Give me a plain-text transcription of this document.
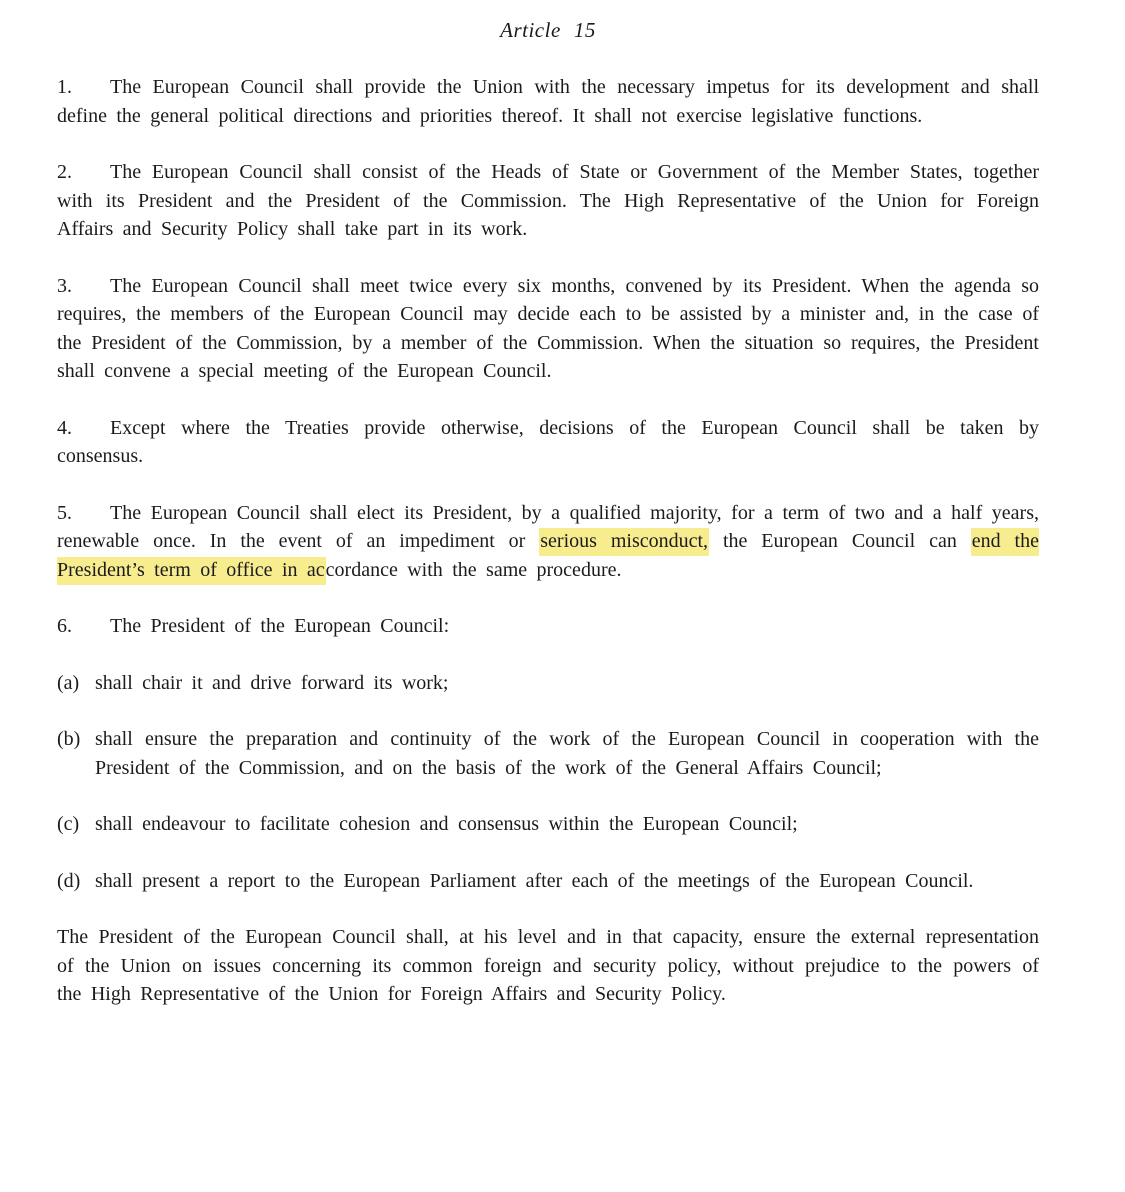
Article 15

1. The European Council shall provide the Union with the necessary impetus for its development and shall define the general political directions and priorities thereof. It shall not exercise legislative functions.

2. The European Council shall consist of the Heads of State or Government of the Member States, together with its President and the President of the Commission. The High Representative of the Union for Foreign Affairs and Security Policy shall take part in its work.

3. The European Council shall meet twice every six months, convened by its President. When the agenda so requires, the members of the European Council may decide each to be assisted by a minister and, in the case of the President of the Commission, by a member of the Commission. When the situation so requires, the President shall convene a special meeting of the European Council.

4. Except where the Treaties provide otherwise, decisions of the European Council shall be taken by consensus.

5. The European Council shall elect its President, by a qualified majority, for a term of two and a half years, renewable once. In the event of an impediment or serious misconduct, the European Council can end the President’s term of office in accordance with the same procedure.

6. The President of the European Council:

(a) shall chair it and drive forward its work;

(b) shall ensure the preparation and continuity of the work of the European Council in cooperation with the President of the Commission, and on the basis of the work of the General Affairs Council;

(c) shall endeavour to facilitate cohesion and consensus within the European Council;

(d) shall present a report to the European Parliament after each of the meetings of the European Council.

The President of the European Council shall, at his level and in that capacity, ensure the external representation of the Union on issues concerning its common foreign and security policy, without prejudice to the powers of the High Representative of the Union for Foreign Affairs and Security Policy.
